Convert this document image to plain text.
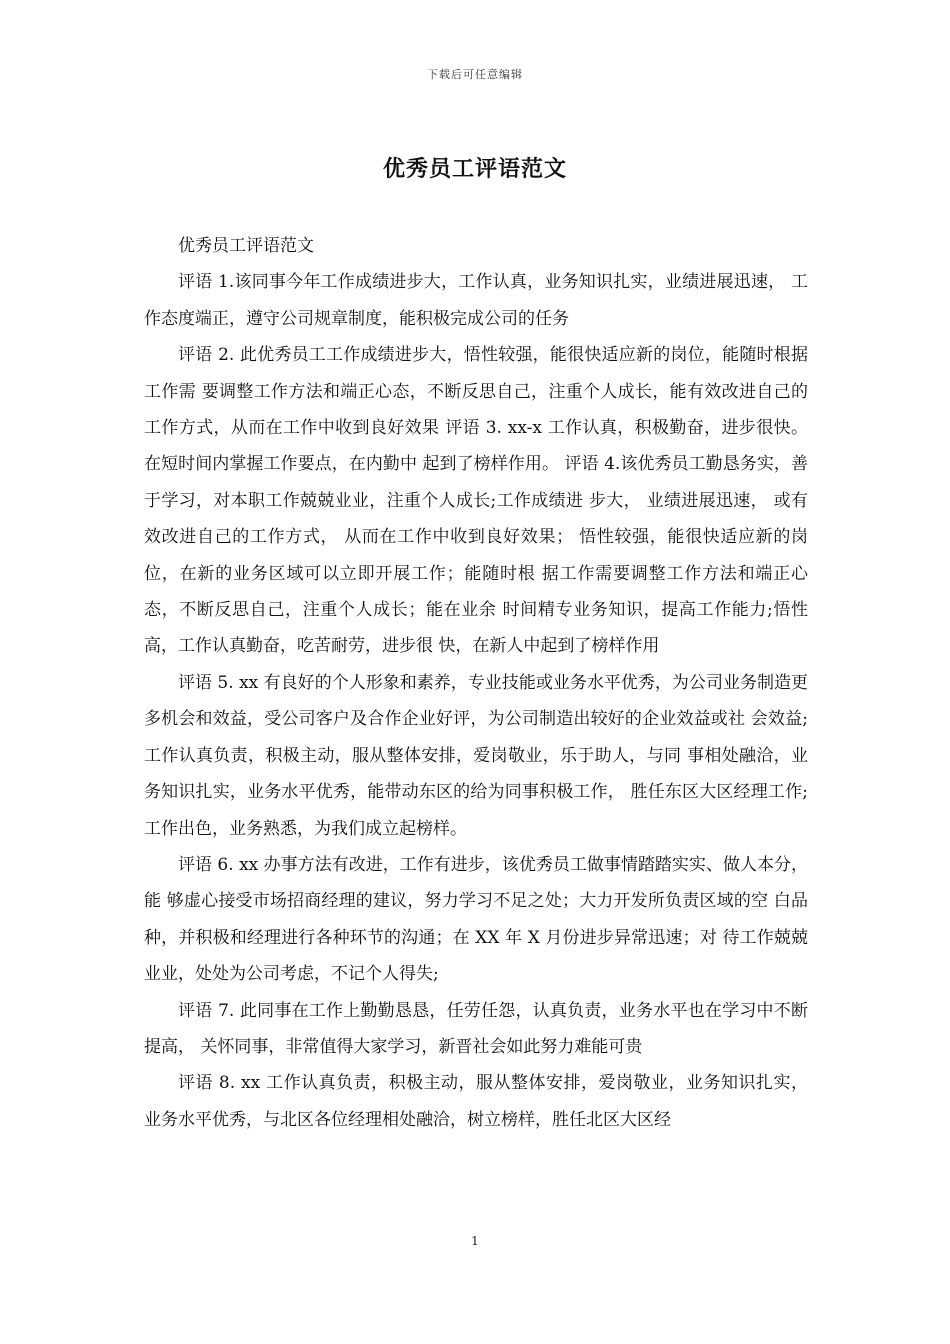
下载后可任意编辑
优秀员工评语范文

优秀员工评语范文

评语 1.该同事今年工作成绩进步大，工作认真，业务知识扎实，业绩进展迅速， 工作态度端正，遵守公司规章制度，能积极完成公司的任务

评语 2. 此优秀员工工作成绩进步大，悟性较强，能很快适应新的岗位，能随时根据工作需 要调整工作方法和端正心态，不断反思自己，注重个人成长，能有效改进自己的 工作方式，从而在工作中收到良好效果 评语 3. xx-x 工作认真，积极勤奋，进步很快。在短时间内掌握工作要点，在内勤中 起到了榜样作用。 评语 4.该优秀员工勤恳务实，善于学习，对本职工作兢兢业业，注重个人成长;工作成绩进 步大， 业绩进展迅速， 或有效改进自己的工作方式， 从而在工作中收到良好效果； 悟性较强，能很快适应新的岗位，在新的业务区域可以立即开展工作；能随时根 据工作需要调整工作方法和端正心态，不断反思自己，注重个人成长；能在业余 时间精专业务知识，提高工作能力;悟性高，工作认真勤奋，吃苦耐劳，进步很 快，在新人中起到了榜样作用

评语 5. xx 有良好的个人形象和素养，专业技能或业务水平优秀，为公司业务制造更 多机会和效益，受公司客户及合作企业好评，为公司制造出较好的企业效益或社 会效益;工作认真负责，积极主动，服从整体安排，爱岗敬业，乐于助人，与同 事相处融洽，业务知识扎实，业务水平优秀，能带动东区的给为同事积极工作， 胜任东区大区经理工作;工作出色，业务熟悉，为我们成立起榜样。

评语 6. xx 办事方法有改进，工作有进步，该优秀员工做事情踏踏实实、做人本分，能 够虚心接受市场招商经理的建议，努力学习不足之处；大力开发所负责区域的空 白品种，并积极和经理进行各种环节的沟通；在 XX 年 X 月份进步异常迅速；对 待工作兢兢业业，处处为公司考虑，不记个人得失;

评语 7. 此同事在工作上勤勤恳恳，任劳任怨，认真负责，业务水平也在学习中不断提高， 关怀同事，非常值得大家学习，新晋社会如此努力难能可贵

评语 8. xx 工作认真负责，积极主动，服从整体安排，爱岗敬业，业务知识扎实， 业务水平优秀，与北区各位经理相处融洽，树立榜样，胜任北区大区经

1
